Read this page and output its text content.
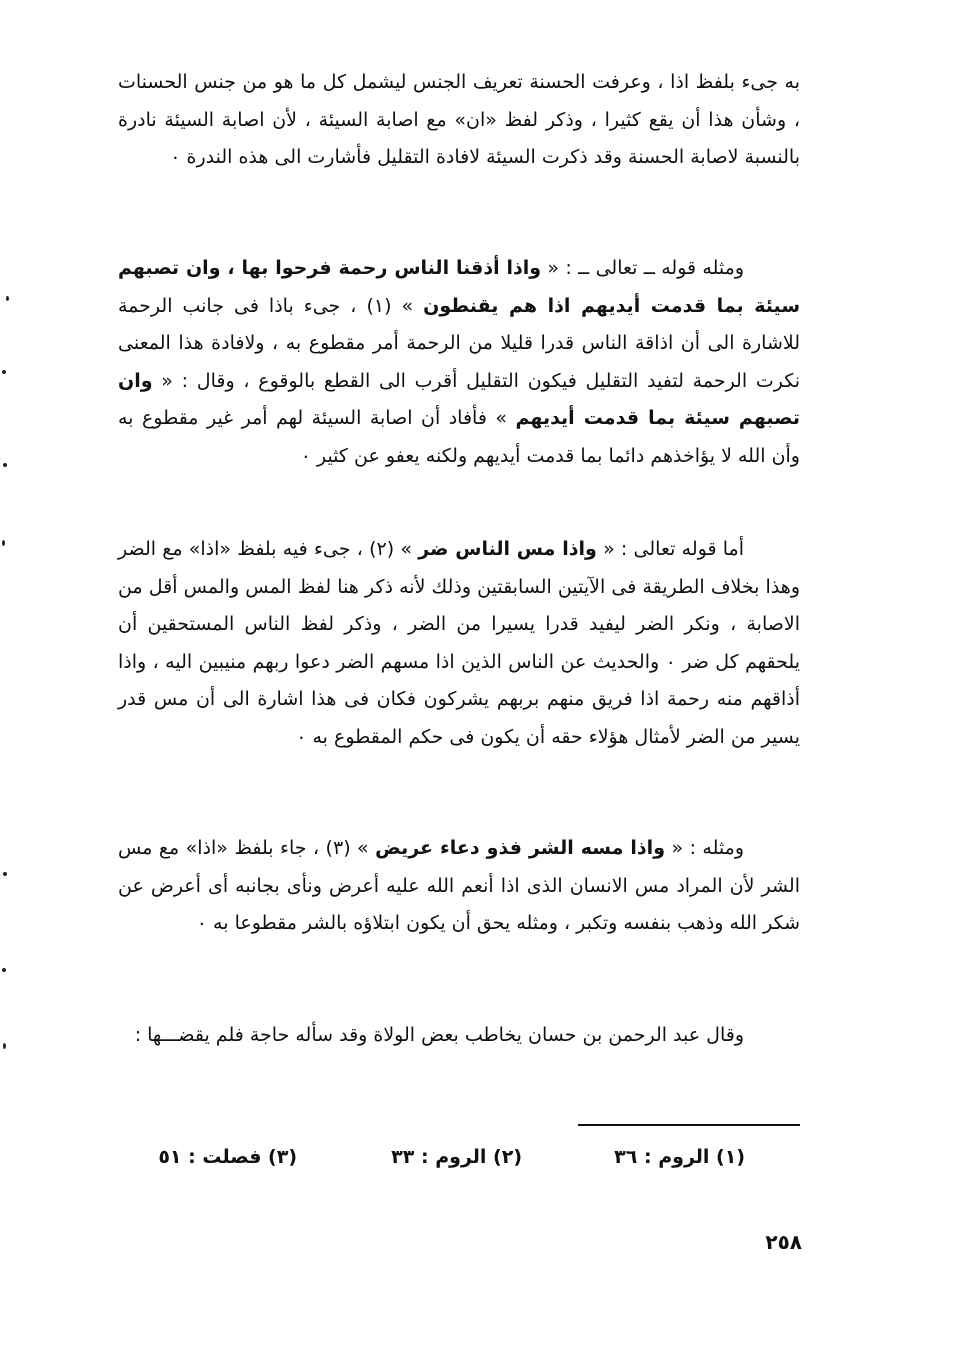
به جىء بلفظ اذا ، وعرفت الحسنة تعريف الجنس ليشمل كل ما هو من جنس الحسنات ، وشأن هذا أن يقع كثيرا ، وذكر لفظ «ان» مع اصابة السيئة ، لأن اصابة السيئة نادرة بالنسبة لاصابة الحسنة وقد ذكرت السيئة لافادة التقليل فأشارت الى هذه الندرة ٠

ومثله قوله ــ تعالى ــ : « واذا أذقنا الناس رحمة فرحوا بها ، وان تصبهم سيئة بما قدمت أيديهم اذا هم يقنطون » (١) ، جىء باذا فى جانب الرحمة للاشارة الى أن اذاقة الناس قدرا قليلا من الرحمة أمر مقطوع به ، ولافادة هذا المعنى نكرت الرحمة لتفيد التقليل فيكون التقليل أقرب الى القطع بالوقوع ، وقال : « وان تصبهم سيئة بما قدمت أيديهم » فأفاد أن اصابة السيئة لهم أمر غير مقطوع به وأن الله لا يؤاخذهم دائما بما قدمت أيديهم ولكنه يعفو عن كثير ٠

أما قوله تعالى : « واذا مس الناس ضر » (٢) ، جىء فيه بلفظ «اذا» مع الضر وهذا بخلاف الطريقة فى الآيتين السابقتين وذلك لأنه ذكر هنا لفظ المس والمس أقل من الاصابة ، ونكر الضر ليفيد قدرا يسيرا من الضر ، وذكر لفظ الناس المستحقين أن يلحقهم كل ضر ٠ والحديث عن الناس الذين اذا مسهم الضر دعوا ربهم منيبين اليه ، واذا أذاقهم منه رحمة اذا فريق منهم بربهم يشركون فكان فى هذا اشارة الى أن مس قدر يسير من الضر لأمثال هؤلاء حقه أن يكون فى حكم المقطوع به ٠

ومثله : « واذا مسه الشر فذو دعاء عريض » (٣) ، جاء بلفظ «اذا» مع مس الشر لأن المراد مس الانسان الذى اذا أنعم الله عليه أعرض ونأى بجانبه أى أعرض عن شكر الله وذهب بنفسه وتكبر ، ومثله يحق أن يكون ابتلاؤه بالشر مقطوعا به ٠

وقال عبد الرحمن بن حسان يخاطب بعض الولاة وقد سأله حاجة فلم يقضـــها :

(١) الروم : ٣٦
(٢) الروم : ٣٣
(٣) فصلت : ٥١
٢٥٨
